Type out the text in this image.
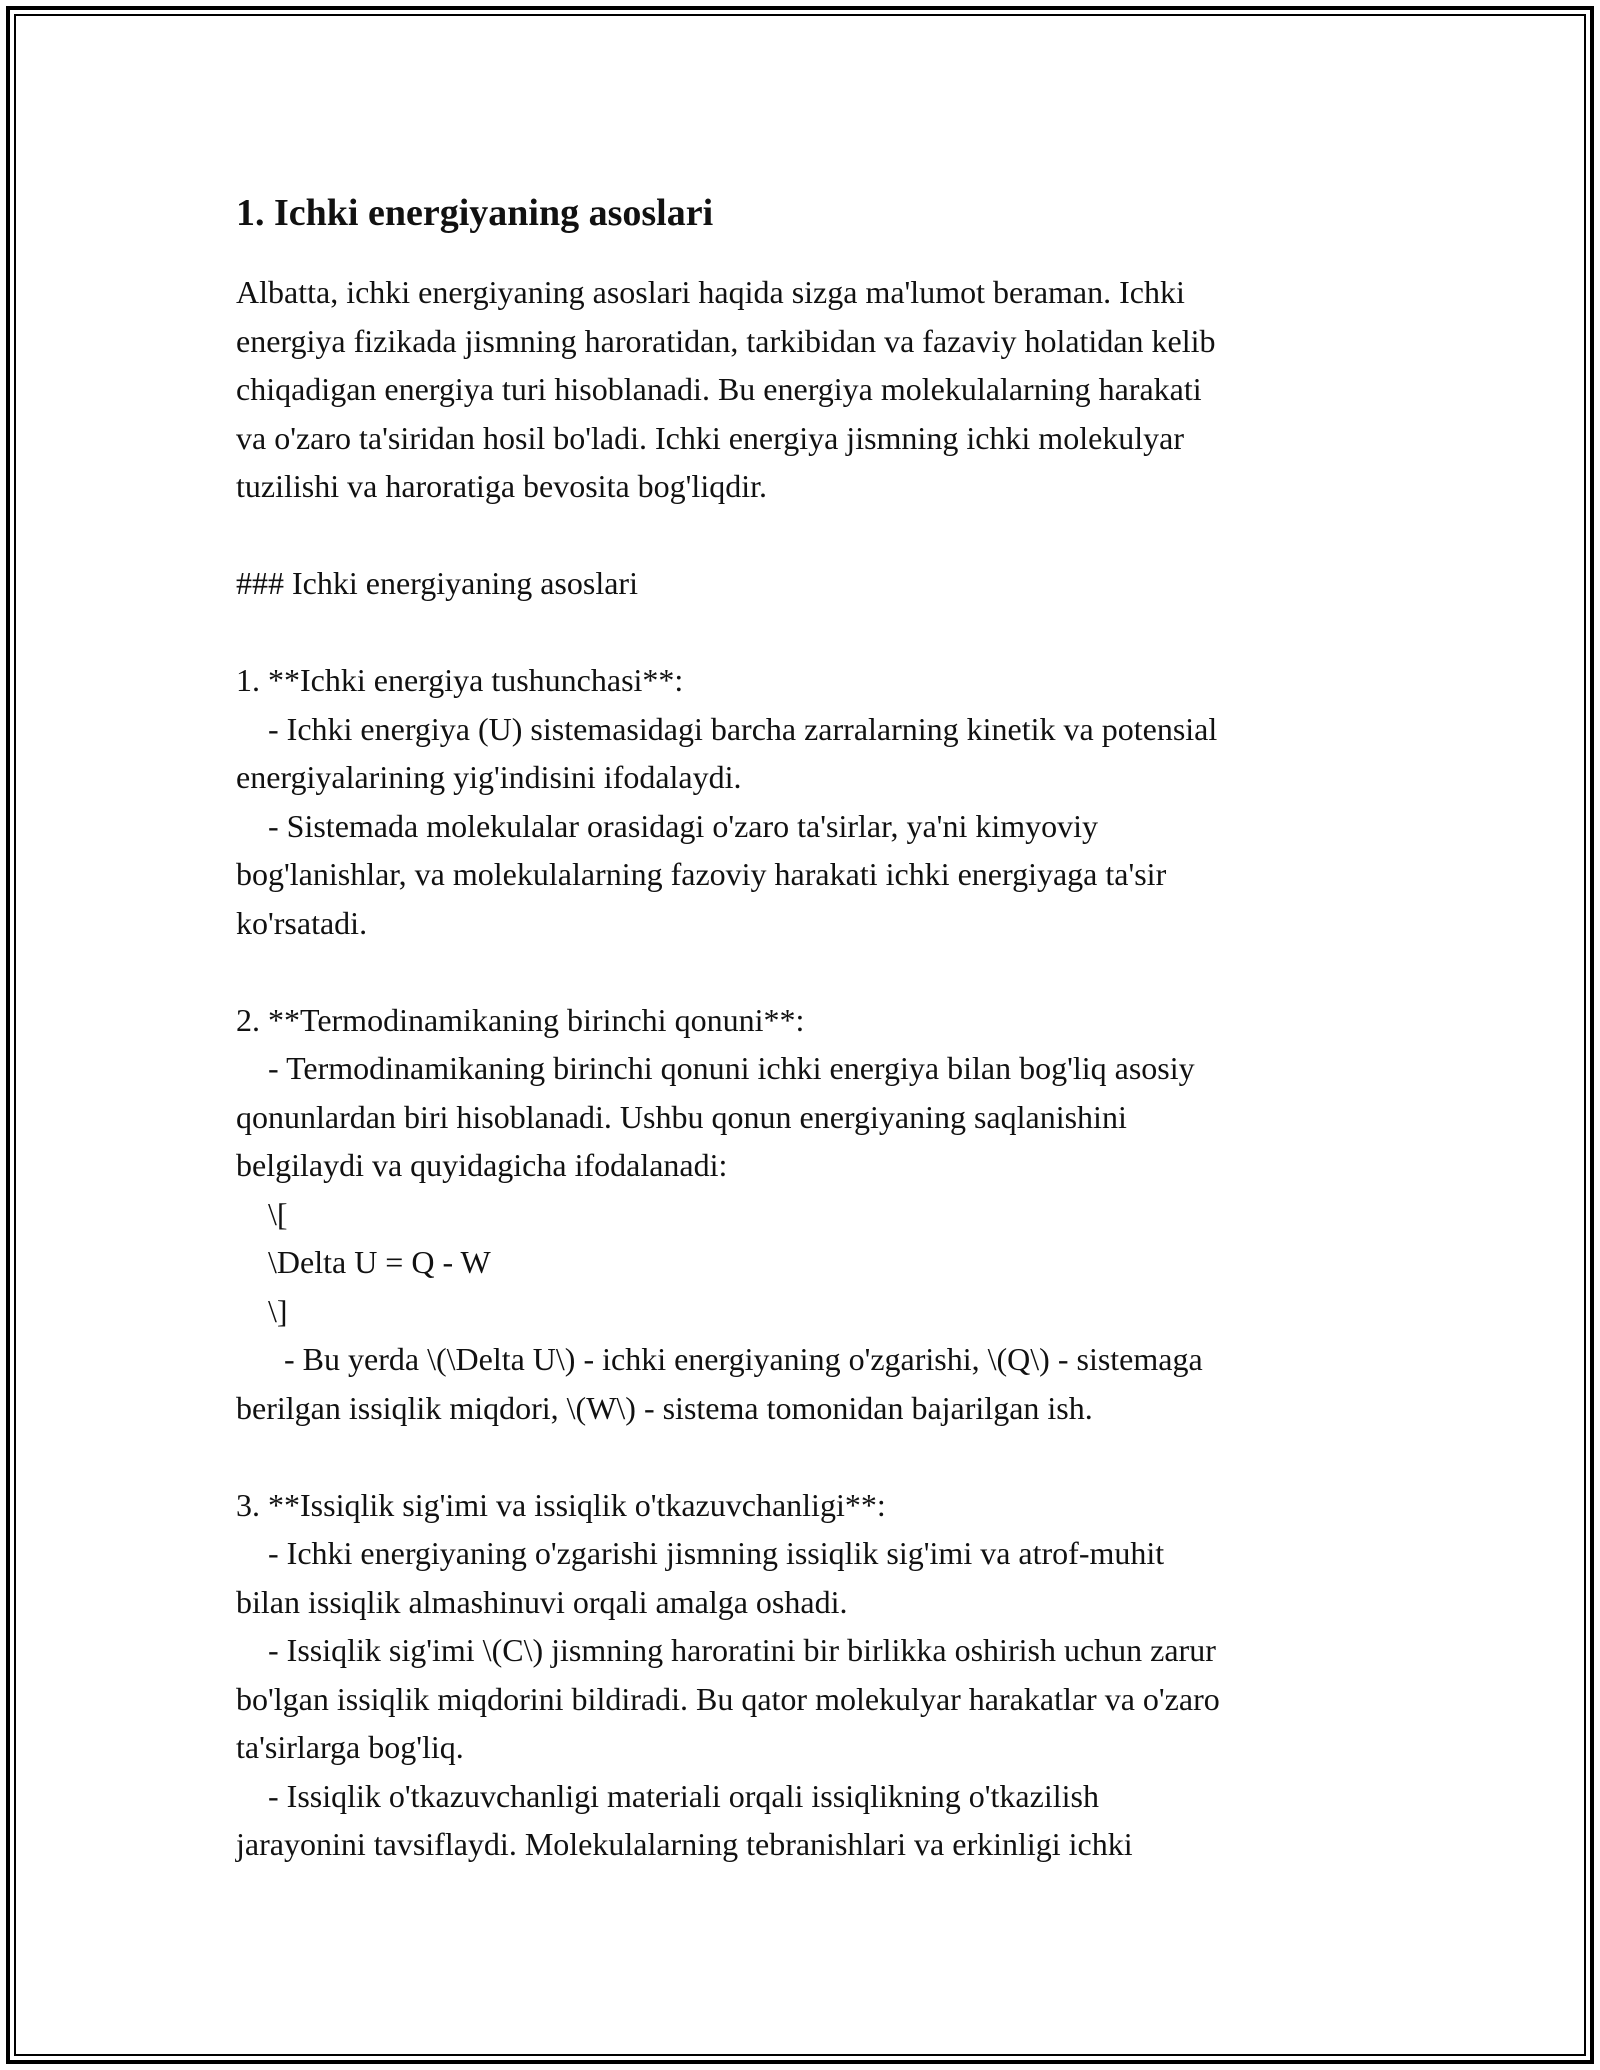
1. Ichki energiyaning asoslari

Albatta, ichki energiyaning asoslari haqida sizga ma'lumot beraman. Ichki

energiya fizikada jismning haroratidan, tarkibidan va fazaviy holatidan kelib

chiqadigan energiya turi hisoblanadi. Bu energiya molekulalarning harakati

va o'zaro ta'siridan hosil bo'ladi. Ichki energiya jismning ichki molekulyar

tuzilishi va haroratiga bevosita bog'liqdir.

### Ichki energiyaning asoslari

1. **Ichki energiya tushunchasi**:

- Ichki energiya (U) sistemasidagi barcha zarralarning kinetik va potensial

energiyalarining yig'indisini ifodalaydi.

- Sistemada molekulalar orasidagi o'zaro ta'sirlar, ya'ni kimyoviy

bog'lanishlar, va molekulalarning fazoviy harakati ichki energiyaga ta'sir

ko'rsatadi.

2. **Termodinamikaning birinchi qonuni**:

- Termodinamikaning birinchi qonuni ichki energiya bilan bog'liq asosiy

qonunlardan biri hisoblanadi. Ushbu qonun energiyaning saqlanishini

belgilaydi va quyidagicha ifodalanadi:

\[

\Delta U = Q - W

\]

- Bu yerda \(\Delta U\) - ichki energiyaning o'zgarishi, \(Q\) - sistemaga

berilgan issiqlik miqdori, \(W\) - sistema tomonidan bajarilgan ish.

3. **Issiqlik sig'imi va issiqlik o'tkazuvchanligi**:

- Ichki energiyaning o'zgarishi jismning issiqlik sig'imi va atrof-muhit

bilan issiqlik almashinuvi orqali amalga oshadi.

- Issiqlik sig'imi \(C\) jismning haroratini bir birlikka oshirish uchun zarur

bo'lgan issiqlik miqdorini bildiradi. Bu qator molekulyar harakatlar va o'zaro

ta'sirlarga bog'liq.

- Issiqlik o'tkazuvchanligi materiali orqali issiqlikning o'tkazilish

jarayonini tavsiflaydi. Molekulalarning tebranishlari va erkinligi ichki
